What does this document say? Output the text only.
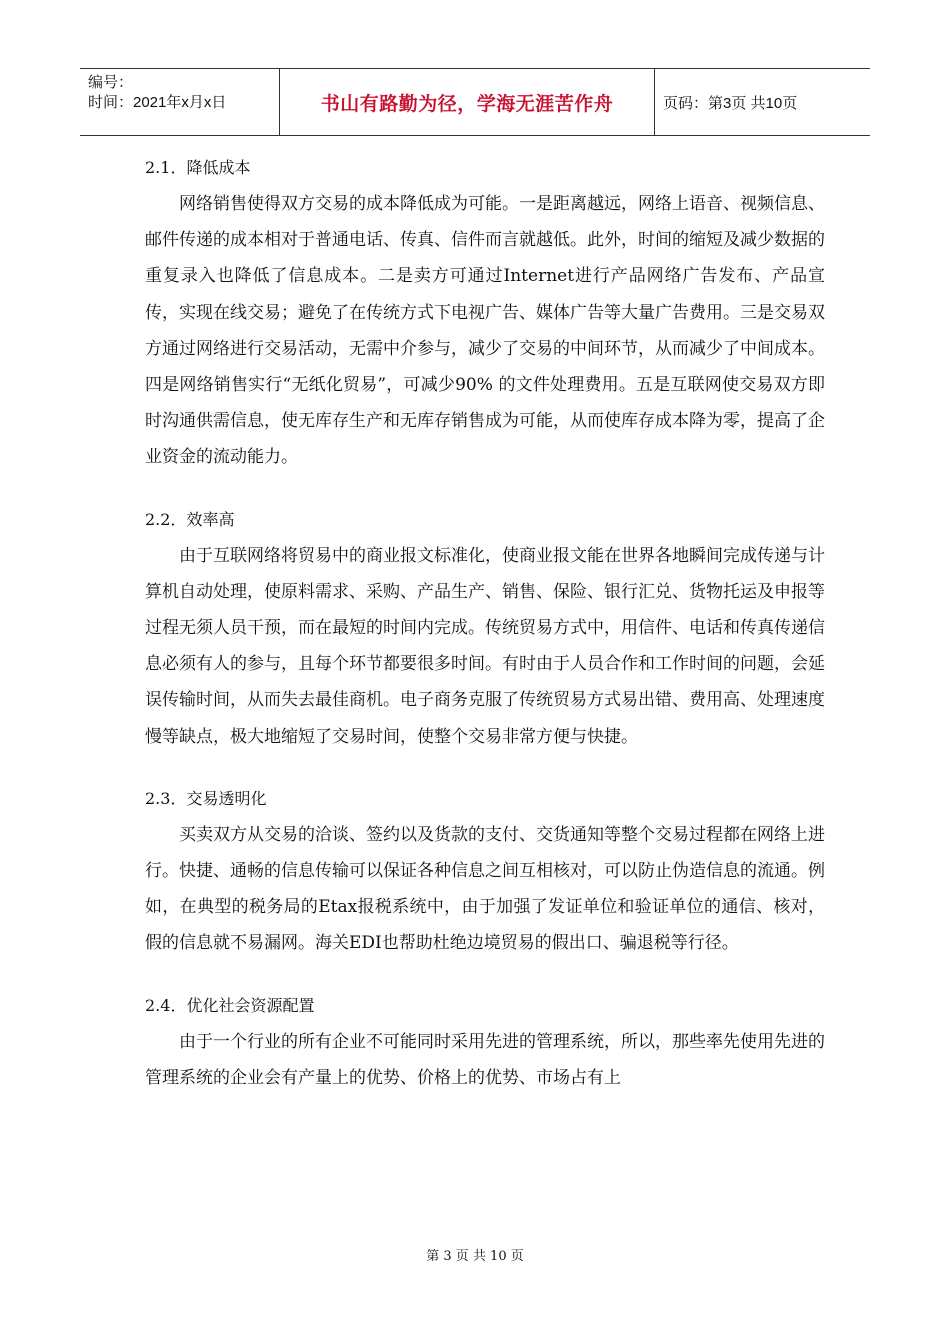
编号：
时间：2021年x月x日	书山有路勤为径，学海无涯苦作舟	页码：第3页 共10页
2.1．降低成本

网络销售使得双方交易的成本降低成为可能。一是距离越远，网络上语音、视频信息、邮件传递的成本相对于普通电话、传真、信件而言就越低。此外，时间的缩短及减少数据的重复录入也降低了信息成本。二是卖方可通过Internet进行产品网络广告发布、产品宣传，实现在线交易；避免了在传统方式下电视广告、媒体广告等大量广告费用。三是交易双方通过网络进行交易活动，无需中介参与，减少了交易的中间环节，从而减少了中间成本。四是网络销售实行“无纸化贸易”，可减少90% 的文件处理费用。五是互联网使交易双方即时沟通供需信息，使无库存生产和无库存销售成为可能，从而使库存成本降为零，提高了企业资金的流动能力。

2.2．效率高

由于互联网络将贸易中的商业报文标准化，使商业报文能在世界各地瞬间完成传递与计算机自动处理，使原料需求、采购、产品生产、销售、保险、银行汇兑、货物托运及申报等过程无须人员干预，而在最短的时间内完成。传统贸易方式中，用信件、电话和传真传递信息必须有人的参与，且每个环节都要很多时间。有时由于人员合作和工作时间的问题，会延误传输时间，从而失去最佳商机。电子商务克服了传统贸易方式易出错、费用高、处理速度慢等缺点，极大地缩短了交易时间，使整个交易非常方便与快捷。

2.3．交易透明化

买卖双方从交易的洽谈、签约以及货款的支付、交货通知等整个交易过程都在网络上进行。快捷、通畅的信息传输可以保证各种信息之间互相核对，可以防止伪造信息的流通。例如，在典型的税务局的Etax报税系统中，由于加强了发证单位和验证单位的通信、核对，假的信息就不易漏网。海关EDI也帮助杜绝边境贸易的假出口、骗退税等行径。

2.4．优化社会资源配置

由于一个行业的所有企业不可能同时采用先进的管理系统，所以，那些率先使用先进的管理系统的企业会有产量上的优势、价格上的优势、市场占有上

第 3 页 共 10 页
